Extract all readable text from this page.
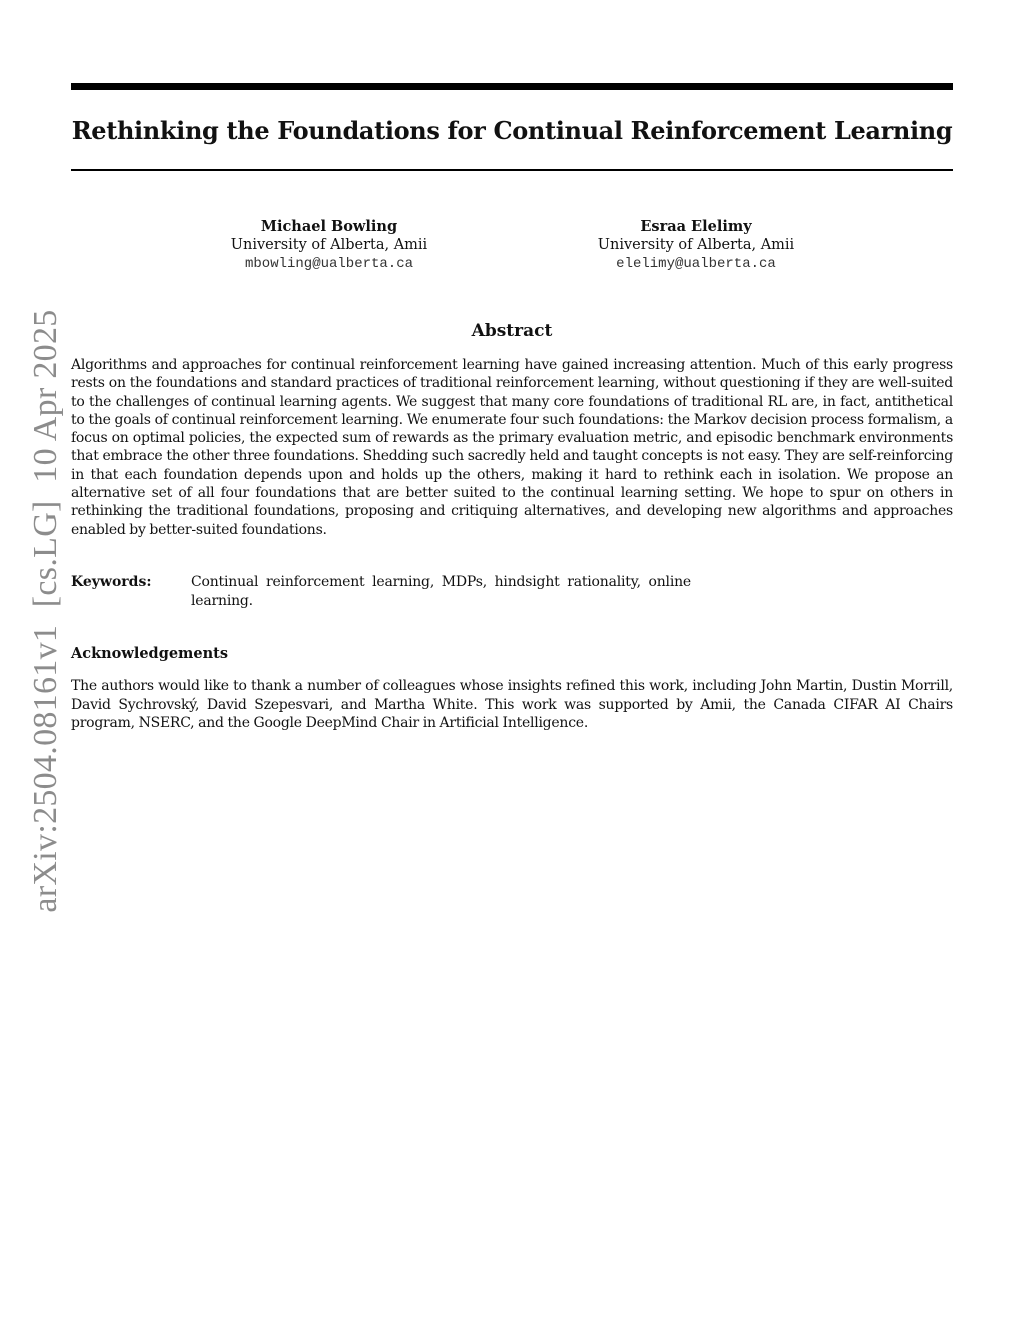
Rethinking the Foundations for Continual Reinforcement Learning
Michael Bowling
University of Alberta, Amii
mbowling@ualberta.ca
Esraa Elelimy
University of Alberta, Amii
elelimy@ualberta.ca
Abstract

Algorithms and approaches for continual reinforcement learning have gained increasing attention. Much of this early progress rests on the foundations and standard practices of traditional reinforcement learning, without questioning if they are well-suited to the challenges of continual learning agents. We suggest that many core foundations of traditional RL are, in fact, antithetical to the goals of continual reinforcement learning. We enumerate four such foundations: the Markov decision process formalism, a focus on optimal policies, the expected sum of rewards as the primary evaluation metric, and episodic benchmark environments that embrace the other three foundations. Shedding such sacredly held and taught concepts is not easy. They are self-reinforcing in that each foundation depends upon and holds up the others, making it hard to rethink each in isolation. We propose an alternative set of all four foundations that are better suited to the continual learning setting. We hope to spur on others in rethinking the traditional foundations, proposing and critiquing alternatives, and developing new algorithms and approaches enabled by better-suited foundations.

Keywords:	Continual reinforcement learning, MDPs, hindsight rationality, online learning.
Acknowledgements

The authors would like to thank a number of colleagues whose insights refined this work, including John Martin, Dustin Morrill, David Sychrovský, David Szepesvari, and Martha White. This work was supported by Amii, the Canada CIFAR AI Chairs program, NSERC, and the Google DeepMind Chair in Artificial Intelligence.

arXiv:2504.08161v1  [cs.LG]  10 Apr 2025
